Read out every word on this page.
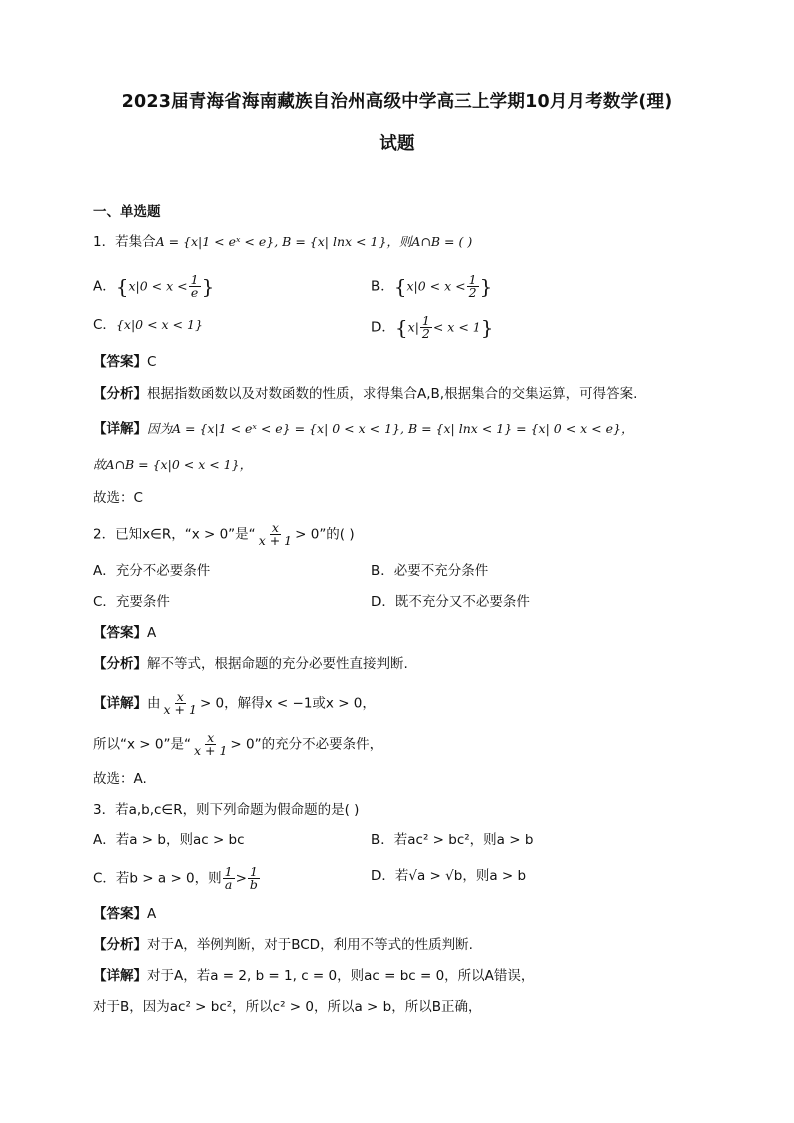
2023届青海省海南藏族自治州高级中学高三上学期10月月考数学(理)
试题
一、单选题
1．若集合A = {x|1 < eˣ < e}, B = {x| lnx < 1}，则A∩B = ( )
A．{$x|0 < x < \frac{1}{e}$ }	B．{$x|0 < x < \frac{1}{2}$ }
C．{x|0 < x < 1}	D．$\{x| \frac{1}{2} < x < 1\}$
【答案】C
【分析】根据指数函数以及对数函数的性质，求得集合A,B,根据集合的交集运算，可得答案.
【详解】因为A = {x|1 < eˣ < e} = {x| 0 < x < 1}, B = {x| lnx < 1} = {x| 0 < x < e}，
故A∩B = {x|0 < x < 1}，
故选：C
2．已知x∈R，“x > 0”是“ $\frac{x}{x + 1} > 0$”的( )
A．充分不必要条件	B．必要不充分条件
C．充要条件	D．既不充分又不必要条件
【答案】A
【分析】解不等式，根据命题的充分必要性直接判断.
【详解】由 $\frac{x}{x + 1} > 0$，解得x < −1或x > 0，
所以“x > 0”是“ $\frac{x}{x + 1} > 0$”的充分不必要条件，
故选：A.
3．若a,b,c∈R，则下列命题为假命题的是( )
A．若a > b，则ac > bc	B．若ac² > bc²，则a > b
C．若b > a > 0，则 $\frac{1}{a} > \frac{1}{b}$	D．若√a > √b，则a > b
【答案】A
【分析】对于A，举例判断，对于BCD，利用不等式的性质判断.
【详解】对于A，若a = 2, b = 1, c = 0，则ac = bc = 0，所以A错误，
对于B，因为ac² > bc²，所以c² > 0，所以a > b，所以B正确，
